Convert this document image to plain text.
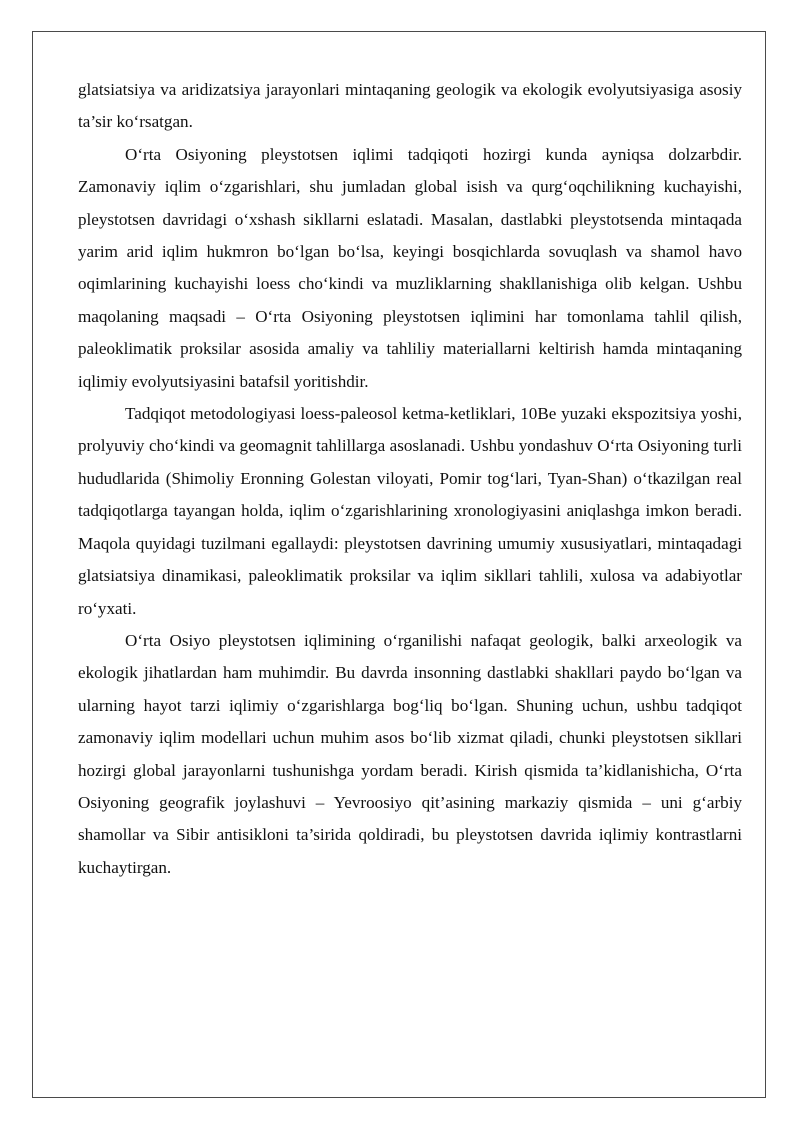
glatsiatsiya va aridizatsiya jarayonlari mintaqaning geologik va ekologik evolyutsiyasiga asosiy ta’sir ko‘rsatgan.

O‘rta Osiyoning pleystotsen iqlimi tadqiqoti hozirgi kunda ayniqsa dolzarbdir. Zamonaviy iqlim o‘zgarishlari, shu jumladan global isish va qurg‘oqchilikning kuchayishi, pleystotsen davridagi o‘xshash sikllarni eslatadi. Masalan, dastlabki pleystotsenda mintaqada yarim arid iqlim hukmron bo‘lgan bo‘lsa, keyingi bosqichlarda sovuqlash va shamol havo oqimlarining kuchayishi loess cho‘kindi va muzliklarning shakllanishiga olib kelgan. Ushbu maqolaning maqsadi – O‘rta Osiyoning pleystotsen iqlimini har tomonlama tahlil qilish, paleoklimatik proksilar asosida amaliy va tahliliy materiallarni keltirish hamda mintaqaning iqlimiy evolyutsiyasini batafsil yoritishdir.

Tadqiqot metodologiyasi loess-paleosol ketma-ketliklari, 10Be yuzaki ekspozitsiya yoshi, prolyuviy cho‘kindi va geomagnit tahlillarga asoslanadi. Ushbu yondashuv O‘rta Osiyoning turli hududlarida (Shimoliy Eronning Golestan viloyati, Pomir tog‘lari, Tyan-Shan) o‘tkazilgan real tadqiqotlarga tayangan holda, iqlim o‘zgarishlarining xronologiyasini aniqlashga imkon beradi. Maqola quyidagi tuzilmani egallaydi: pleystotsen davrining umumiy xususiyatlari, mintaqadagi glatsiatsiya dinamikasi, paleoklimatik proksilar va iqlim sikllari tahlili, xulosa va adabiyotlar ro‘yxati.

O‘rta Osiyo pleystotsen iqlimining o‘rganilishi nafaqat geologik, balki arxeologik va ekologik jihatlardan ham muhimdir. Bu davrda insonning dastlabki shakllari paydo bo‘lgan va ularning hayot tarzi iqlimiy o‘zgarishlarga bog‘liq bo‘lgan. Shuning uchun, ushbu tadqiqot zamonaviy iqlim modellari uchun muhim asos bo‘lib xizmat qiladi, chunki pleystotsen sikllari hozirgi global jarayonlarni tushunishga yordam beradi. Kirish qismida ta’kidlanishicha, O‘rta Osiyoning geografik joylashuvi – Yevroosiyo qit’asining markaziy qismida – uni g‘arbiy shamollar va Sibir antisikloni ta’sirida qoldiradi, bu pleystotsen davrida iqlimiy kontrastlarni kuchaytirgan.
